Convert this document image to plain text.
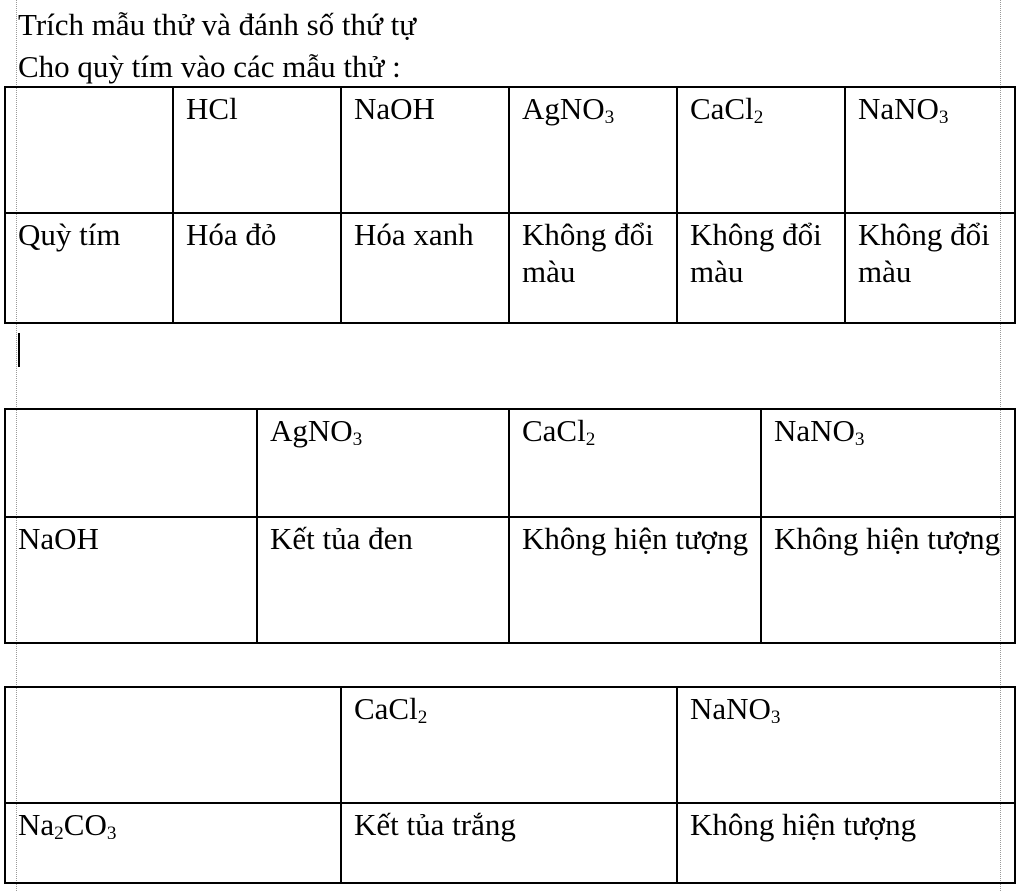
Trích mẫu thử và đánh số thứ tự
Cho quỳ tím vào các mẫu thử :
	HCl	NaOH	AgNO$_3$	CaCl$_2$	NaNO$_3$
Quỳ tím	Hóa đỏ	Hóa xanh	Không đổi màu	Không đổi màu	Không đổi màu
	AgNO$_3$	CaCl$_2$	NaNO$_3$
NaOH	Kết tủa đen	Không hiện tượng	Không hiện tượng
	CaCl$_2$	NaNO$_3$
$Na_2CO_3$	Kết tủa trắng	Không hiện tượng
